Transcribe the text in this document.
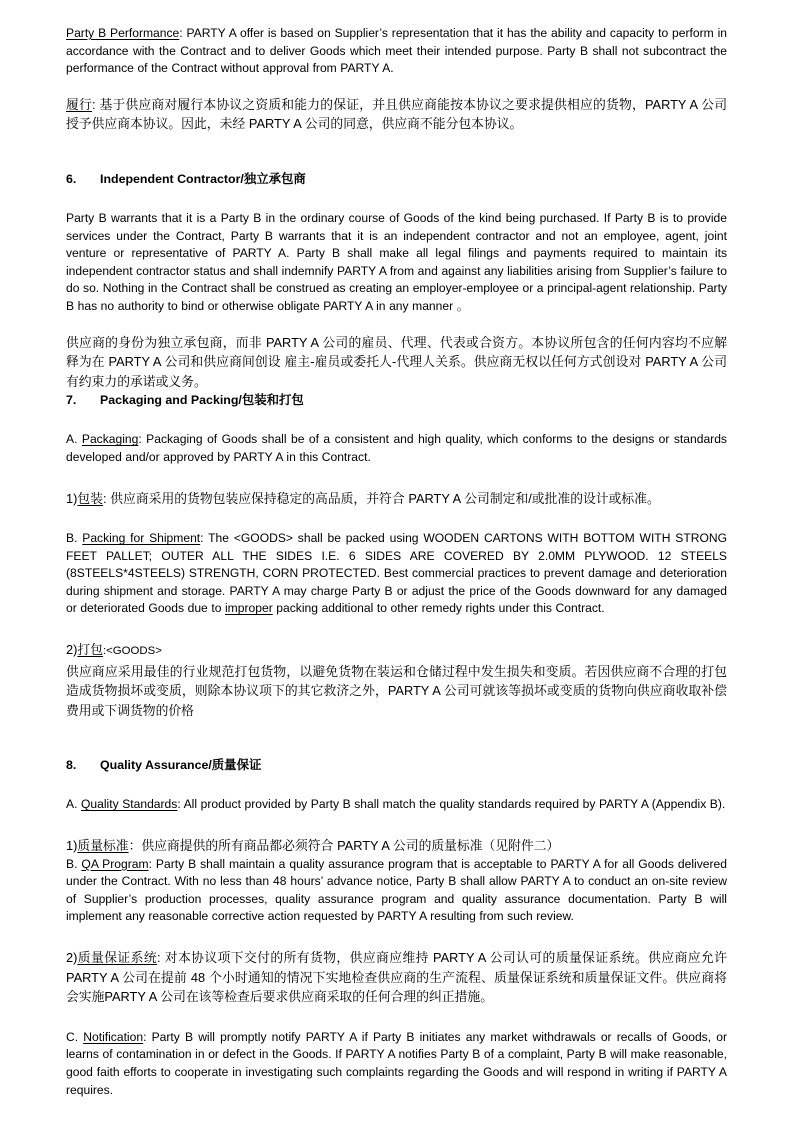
Party B Performance: PARTY A offer is based on Supplier’s representation that it has the ability and capacity to perform in accordance with the Contract and to deliver Goods which meet their intended purpose. Party B shall not subcontract the performance of the Contract without approval from PARTY A.

履行: 基于供应商对履行本协议之资质和能力的保证，并且供应商能按本协议之要求提供相应的货物，PARTY A 公司授予供应商本协议。因此，未经 PARTY A 公司的同意，供应商不能分包本协议。

6. Independent Contractor/独立承包商

Party B warrants that it is a Party B in the ordinary course of Goods of the kind being purchased. If Party B is to provide services under the Contract, Party B warrants that it is an independent contractor and not an employee, agent, joint venture or representative of PARTY A. Party B shall make all legal filings and payments required to maintain its independent contractor status and shall indemnify PARTY A from and against any liabilities arising from Supplier’s failure to do so. Nothing in the Contract shall be construed as creating an employer-employee or a principal-agent relationship. Party B has no authority to bind or otherwise obligate PARTY A in any manner 。

供应商的身份为独立承包商，而非 PARTY A 公司的雇员、代理、代表或合资方。本协议所包含的任何内容均不应解释为在 PARTY A 公司和供应商间创设 雇主-雇员或委托人-代理人关系。供应商无权以任何方式创设对 PARTY A 公司有约束力的承诺或义务。

7. Packaging and Packing/包装和打包

A. Packaging: Packaging of Goods shall be of a consistent and high quality, which conforms to the designs or standards developed and/or approved by PARTY A in this Contract.

1)包装: 供应商采用的货物包装应保持稳定的高品质，并符合 PARTY A 公司制定和/或批准的设计或标准。

B. Packing for Shipment: The <GOODS> shall be packed using WOODEN CARTONS WITH BOTTOM WITH STRONG FEET PALLET; OUTER ALL THE SIDES I.E. 6 SIDES ARE COVERED BY 2.0MM PLYWOOD. 12 STEELS (8STEELS*4STEELS) STRENGTH, CORN PROTECTED. Best commercial practices to prevent damage and deterioration during shipment and storage. PARTY A may charge Party B or adjust the price of the Goods downward for any damaged or deteriorated Goods due to improper packing additional to other remedy rights under this Contract.

2)打包:<GOODS>

供应商应采用最佳的行业规范打包货物，以避免货物在装运和仓储过程中发生损失和变质。若因供应商不合理的打包造成货物损坏或变质，则除本协议项下的其它救济之外，PARTY A 公司可就该等损坏或变质的货物向供应商收取补偿费用或下调货物的价格

8. Quality Assurance/质量保证

A. Quality Standards: All product provided by Party B shall match the quality standards required by PARTY A (Appendix B).

1)质量标准：供应商提供的所有商品都必须符合 PARTY A 公司的质量标准（见附件二）

B. QA Program: Party B shall maintain a quality assurance program that is acceptable to PARTY A for all Goods delivered under the Contract. With no less than 48 hours’ advance notice, Party B shall allow PARTY A to conduct an on-site review of Supplier’s production processes, quality assurance program and quality assurance documentation. Party B will implement any reasonable corrective action requested by PARTY A resulting from such review.

2)质量保证系统: 对本协议项下交付的所有货物，供应商应维持 PARTY A 公司认可的质量保证系统。供应商应允许 PARTY A 公司在提前 48 个小时通知的情况下实地检查供应商的生产流程、质量保证系统和质量保证文件。供应商将会实施PARTY A 公司在该等检查后要求供应商采取的任何合理的纠正措施。

C. Notification: Party B will promptly notify PARTY A if Party B initiates any market withdrawals or recalls of Goods, or learns of contamination in or defect in the Goods. If PARTY A notifies Party B of a complaint, Party B will make reasonable, good faith efforts to cooperate in investigating such complaints regarding the Goods and will respond in writing if PARTY A requires.
